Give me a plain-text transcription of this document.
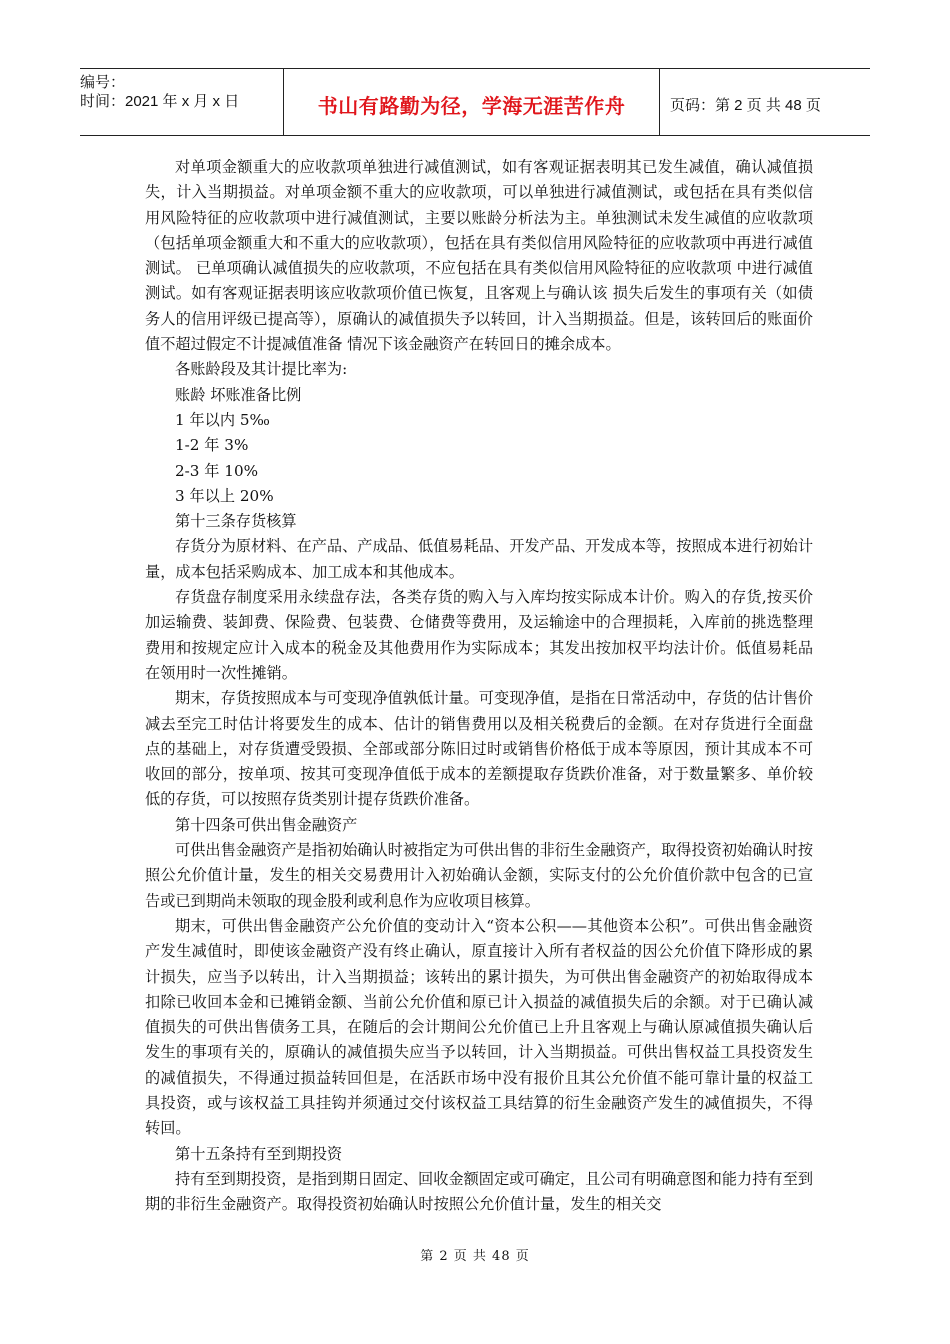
编号：
时间：2021 年 x 月 x 日	书山有路勤为径，学海无涯苦作舟	页码：第 2 页 共 48 页

对单项金额重大的应收款项单独进行减值测试，如有客观证据表明其已发生减值，确认减值损失，计入当期损益。对单项金额不重大的应收款项，可以单独进行减值测试，或包括在具有类似信用风险特征的应收款项中进行减值测试，主要以账龄分析法为主。单独测试未发生减值的应收款项（包括单项金额重大和不重大的应收款项），包括在具有类似信用风险特征的应收款项中再进行减值测试。 已单项确认减值损失的应收款项，不应包括在具有类似信用风险特征的应收款项 中进行减值测试。如有客观证据表明该应收款项价值已恢复，且客观上与确认该 损失后发生的事项有关（如债务人的信用评级已提高等），原确认的减值损失予以转回，计入当期损益。但是，该转回后的账面价值不超过假定不计提减值准备 情况下该金融资产在转回日的摊余成本。

各账龄段及其计提比率为:

账龄 坏账准备比例

1 年以内 5‰

1-2 年 3%

2-3 年 10%

3 年以上 20%

第十三条存货核算

存货分为原材料、在产品、产成品、低值易耗品、开发产品、开发成本等，按照成本进行初始计量，成本包括采购成本、加工成本和其他成本。

存货盘存制度采用永续盘存法，各类存货的购入与入库均按实际成本计价。购入的存货,按买价加运输费、装卸费、保险费、包装费、仓储费等费用，及运输途中的合理损耗，入库前的挑选整理费用和按规定应计入成本的税金及其他费用作为实际成本；其发出按加权平均法计价。低值易耗品在领用时一次性摊销。

期末，存货按照成本与可变现净值孰低计量。可变现净值，是指在日常活动中，存货的估计售价减去至完工时估计将要发生的成本、估计的销售费用以及相关税费后的金额。在对存货进行全面盘点的基础上，对存货遭受毁损、全部或部分陈旧过时或销售价格低于成本等原因，预计其成本不可收回的部分，按单项、按其可变现净值低于成本的差额提取存货跌价准备，对于数量繁多、单价较低的存货，可以按照存货类别计提存货跌价准备。

第十四条可供出售金融资产

可供出售金融资产是指初始确认时被指定为可供出售的非衍生金融资产，取得投资初始确认时按照公允价值计量，发生的相关交易费用计入初始确认金额，实际支付的公允价值价款中包含的已宣告或已到期尚未领取的现金股利或利息作为应收项目核算。

期末，可供出售金融资产公允价值的变动计入“资本公积——其他资本公积”。可供出售金融资产发生减值时，即使该金融资产没有终止确认，原直接计入所有者权益的因公允价值下降形成的累计损失，应当予以转出，计入当期损益；该转出的累计损失，为可供出售金融资产的初始取得成本扣除已收回本金和已摊销金额、当前公允价值和原已计入损益的减值损失后的余额。对于已确认减值损失的可供出售债务工具，在随后的会计期间公允价值已上升且客观上与确认原减值损失确认后发生的事项有关的，原确认的减值损失应当予以转回，计入当期损益。可供出售权益工具投资发生的减值损失，不得通过损益转回但是，在活跃市场中没有报价且其公允价值不能可靠计量的权益工具投资，或与该权益工具挂钩并须通过交付该权益工具结算的衍生金融资产发生的减值损失，不得转回。

第十五条持有至到期投资

持有至到期投资，是指到期日固定、回收金额固定或可确定，且公司有明确意图和能力持有至到期的非衍生金融资产。取得投资初始确认时按照公允价值计量，发生的相关交

第 2 页 共 48 页
